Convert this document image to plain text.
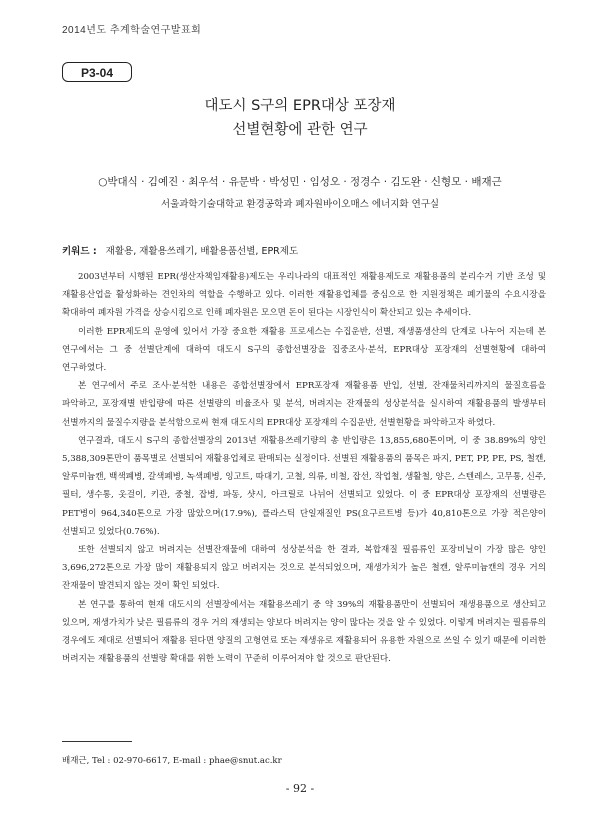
2014년도 추계학술연구발표회
P3-04
대도시 S구의 EPR대상 포장재
선별현황에 관한 연구
○박대식 · 김예진 · 최우석 · 유문박 · 박성민 · 임성오 · 정경수 · 김도완 · 신형모 · 배재근
서울과학기술대학교 환경공학과 폐자원바이오매스 에너지화 연구실
키워드 : 재활용, 재활용쓰레기, 배활용품선별, EPR제도

2003년부터 시행된 EPR(생산자책임재활용)제도는 우리나라의 대표적인 재활용제도로 재활용품의 분리수거 기반 조성 및 재활용산업을 활성화하는 견인차의 역할을 수행하고 있다. 이러한 재활용업체를 중심으로 한 지원정책은 폐기물의 수요시장을 확대하여 폐자원 가격을 상승시킴으로 인해 폐자원은 모으면 돈이 된다는 시장인식이 확산되고 있는 추세이다.

이러한 EPR제도의 운영에 있어서 가장 중요한 재활용 프로세스는 수집운반, 선별, 재생품생산의 단계로 나누어 지는데 본 연구에서는 그 중 선별단계에 대하여 대도시 S구의 종합선별장을 집중조사·분석, EPR대상 포장재의 선별현황에 대하여 연구하였다.

본 연구에서 주로 조사·분석한 내용은 종합선별장에서 EPR포장재 재활용품 반입, 선별, 잔재물처리까지의 물질흐름을 파악하고, 포장재별 반입량에 따른 선별량의 비율조사 및 분석, 버려지는 잔재물의 성상분석을 실시하여 재활용품의 발생부터 선별까지의 물질수지량을 분석함으로써 현재 대도시의 EPR대상 포장재의 수집운반, 선별현황을 파악하고자 하였다.

연구결과, 대도시 S구의 종합선별장의 2013년 재활용쓰레기량의 총 반입량은 13,855,680톤이며, 이 중 38.89%의 양인 5,388,309톤만이 품목별로 선별되어 재활용업체로 판매되는 실정이다. 선별된 재활용품의 품목은 파지, PET, PP, PE, PS, 철캔, 알루미늄캔, 백색폐병, 갈색폐병, 녹색폐병, 잉고트, 따대기, 고철, 의류, 비철, 잡선, 작업철, 생활철, 양은, 스텐레스, 고무통, 신주, 필터, 생수통, 옷걸이, 키관, 중철, 잡병, 파동, 샷시, 아크릴로 나뉘어 선별되고 있었다. 이 중 EPR대상 포장재의 선별량은 PET병이 964,340톤으로 가장 많았으며(17.9%), 플라스틱 단일재질인 PS(요구르트병 등)가 40,810톤으로 가장 적은양이 선별되고 있었다(0.76%).

또한 선별되지 않고 버려지는 선별잔재물에 대하여 성상분석을 한 결과, 복합재질 필름류인 포장비닐이 가장 많은 양인 3,696,272톤으로 가장 많이 재활용되지 않고 버려지는 것으로 분석되었으며, 재생가치가 높은 철캔, 알루미늄캔의 경우 거의 잔재물이 발견되지 않는 것이 확인 되었다.

본 연구를 통하여 현재 대도시의 선별장에서는 재활용쓰레기 중 약 39%의 재활용품만이 선별되어 재생용품으로 생산되고 있으며, 재생가치가 낮은 필름류의 경우 거의 재생되는 양보다 버려지는 양이 많다는 것을 알 수 있었다. 이렇게 버려지는 필름류의 경우에도 제대로 선별되어 재활용 된다면 양질의 고형연료 또는 재생유로 재활용되어 유용한 자원으로 쓰일 수 있기 때문에 이러한 버려지는 재활용품의 선별량 확대를 위한 노력이 꾸준히 이루어져야 할 것으로 판단된다.

배재근, Tel : 02-970-6617, E-mail : phae@snut.ac.kr
- 92 -
